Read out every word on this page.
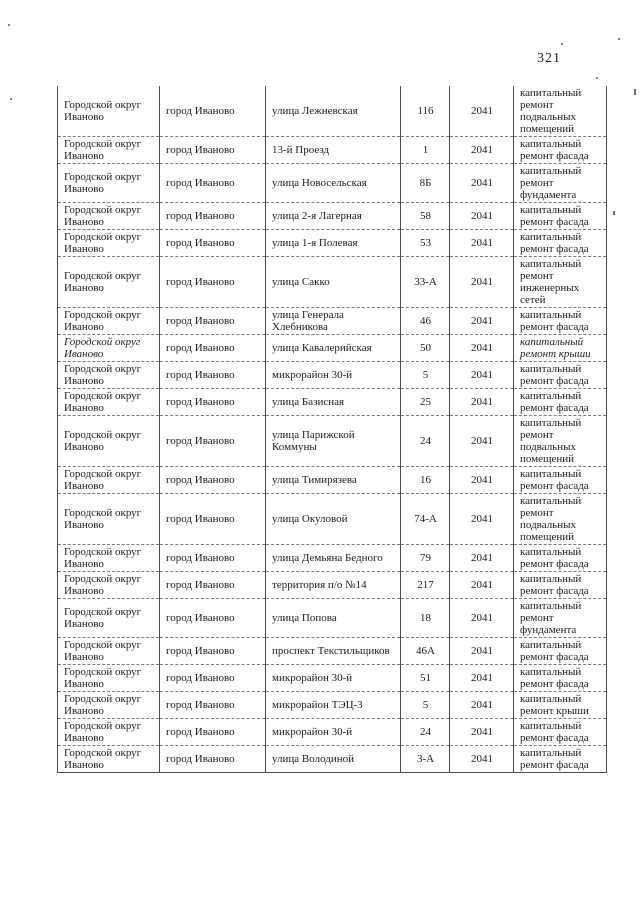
321
Городской округ Иваново	город Иваново	улица Лежневская	116	2041	капитальный ремонт подвальных помещений
Городской округ Иваново	город Иваново	13-й Проезд	1	2041	капитальный ремонт фасада
Городской округ Иваново	город Иваново	улица Новосельская	8Б	2041	капитальный ремонт фундамента
Городской округ Иваново	город Иваново	улица 2-я Лагерная	58	2041	капитальный ремонт фасада
Городской округ Иваново	город Иваново	улица 1-я Полевая	53	2041	капитальный ремонт фасада
Городской округ Иваново	город Иваново	улица Сакко	33-А	2041	капитальный ремонт инженерных сетей
Городской округ Иваново	город Иваново	улица Генерала Хлебникова	46	2041	капитальный ремонт фасада
Городской округ Иваново	город Иваново	улица Кавалерийская	50	2041	капитальный ремонт крыши
Городской округ Иваново	город Иваново	микрорайон 30-й	5	2041	капитальный ремонт фасада
Городской округ Иваново	город Иваново	улица Базисная	25	2041	капитальный ремонт фасада
Городской округ Иваново	город Иваново	улица Парижской Коммуны	24	2041	капитальный ремонт подвальных помещений
Городской округ Иваново	город Иваново	улица Тимирязева	16	2041	капитальный ремонт фасада
Городской округ Иваново	город Иваново	улица Окуловой	74-А	2041	капитальный ремонт подвальных помещений
Городской округ Иваново	город Иваново	улица Демьяна Бедного	79	2041	капитальный ремонт фасада
Городской округ Иваново	город Иваново	территория п/о №14	217	2041	капитальный ремонт фасада
Городской округ Иваново	город Иваново	улица Попова	18	2041	капитальный ремонт фундамента
Городской округ Иваново	город Иваново	проспект Текстильщиков	46А	2041	капитальный ремонт фасада
Городской округ Иваново	город Иваново	микрорайон 30-й	51	2041	капитальный ремонт фасада
Городской округ Иваново	город Иваново	микрорайон ТЭЦ-3	5	2041	капитальный ремонт крыши
Городской округ Иваново	город Иваново	микрорайон 30-й	24	2041	капитальный ремонт фасада
Городской округ Иваново	город Иваново	улица Володиной	3-А	2041	капитальный ремонт фасада
